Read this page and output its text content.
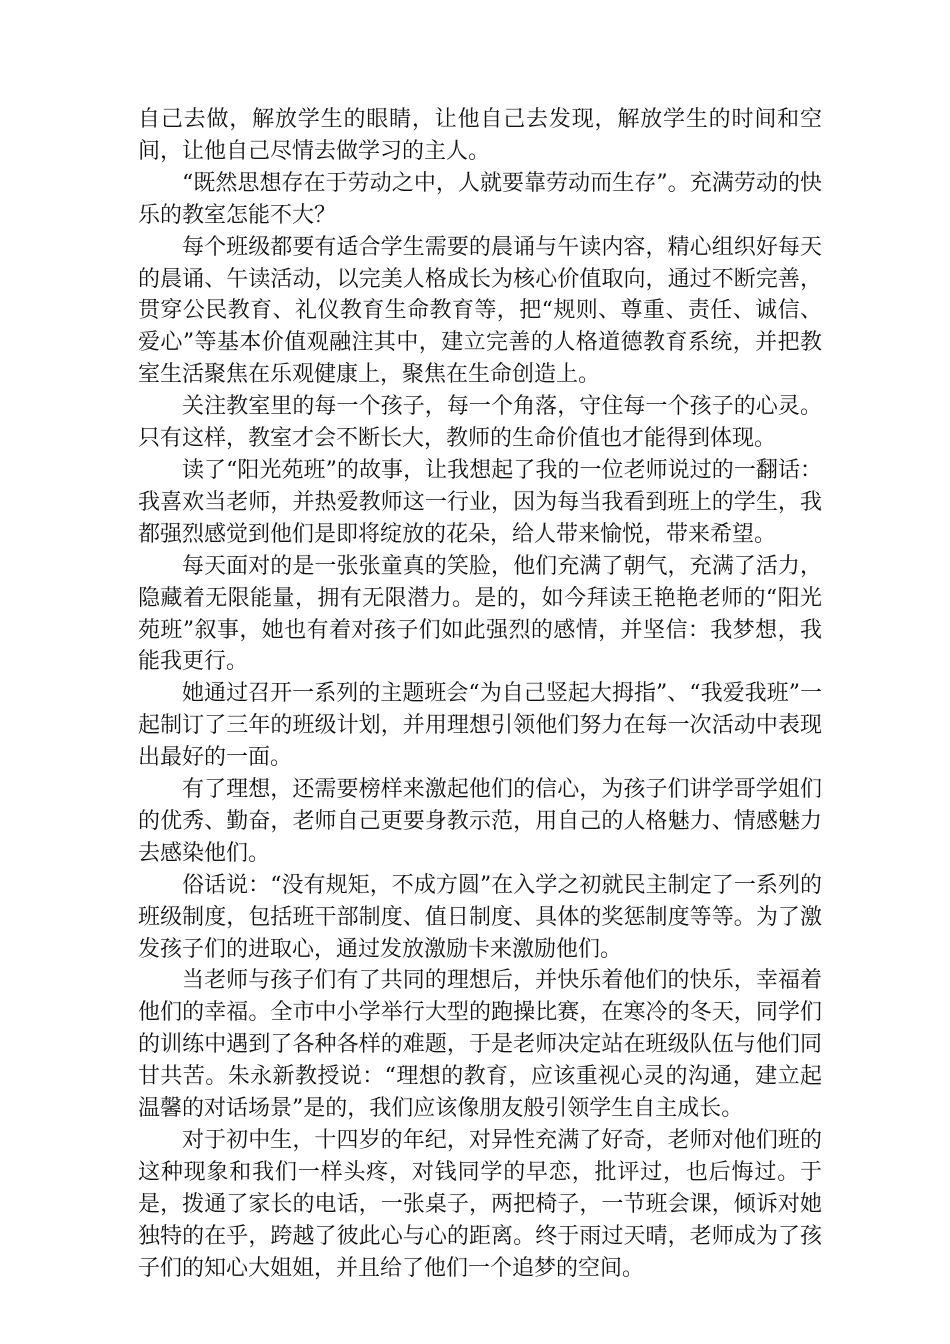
自己去做，解放学生的眼睛，让他自己去发现，解放学生的时间和空间，让他自己尽情去做学习的主人。

“既然思想存在于劳动之中，人就要靠劳动而生存”。充满劳动的快乐的教室怎能不大？

每个班级都要有适合学生需要的晨诵与午读内容，精心组织好每天的晨诵、午读活动，以完美人格成长为核心价值取向，通过不断完善，贯穿公民教育、礼仪教育生命教育等，把“规则、尊重、责任、诚信、爱心”等基本价值观融注其中，建立完善的人格道德教育系统，并把教室生活聚焦在乐观健康上，聚焦在生命创造上。

关注教室里的每一个孩子，每一个角落，守住每一个孩子的心灵。只有这样，教室才会不断长大，教师的生命价值也才能得到体现。

读了“阳光苑班”的故事，让我想起了我的一位老师说过的一翻话：我喜欢当老师，并热爱教师这一行业，因为每当我看到班上的学生，我都强烈感觉到他们是即将绽放的花朵，给人带来愉悦，带来希望。

每天面对的是一张张童真的笑脸，他们充满了朝气，充满了活力，隐藏着无限能量，拥有无限潜力。是的，如今拜读王艳艳老师的“阳光苑班”叙事，她也有着对孩子们如此强烈的感情，并坚信：我梦想，我能我更行。

她通过召开一系列的主题班会“为自己竖起大拇指”、“我爱我班”一起制订了三年的班级计划，并用理想引领他们努力在每一次活动中表现出最好的一面。

有了理想，还需要榜样来激起他们的信心，为孩子们讲学哥学姐们的优秀、勤奋，老师自己更要身教示范，用自己的人格魅力、情感魅力去感染他们。

俗话说：“没有规矩，不成方圆”在入学之初就民主制定了一系列的班级制度，包括班干部制度、值日制度、具体的奖惩制度等等。为了激发孩子们的进取心，通过发放激励卡来激励他们。

当老师与孩子们有了共同的理想后，并快乐着他们的快乐，幸福着他们的幸福。全市中小学举行大型的跑操比赛，在寒冷的冬天，同学们的训练中遇到了各种各样的难题，于是老师决定站在班级队伍与他们同甘共苦。朱永新教授说：“理想的教育，应该重视心灵的沟通，建立起温馨的对话场景”是的，我们应该像朋友般引领学生自主成长。

对于初中生，十四岁的年纪，对异性充满了好奇，老师对他们班的这种现象和我们一样头疼，对钱同学的早恋，批评过，也后悔过。于是，拨通了家长的电话，一张桌子，两把椅子，一节班会课，倾诉对她独特的在乎，跨越了彼此心与心的距离。终于雨过天晴，老师成为了孩子们的知心大姐姐，并且给了他们一个追梦的空间。
